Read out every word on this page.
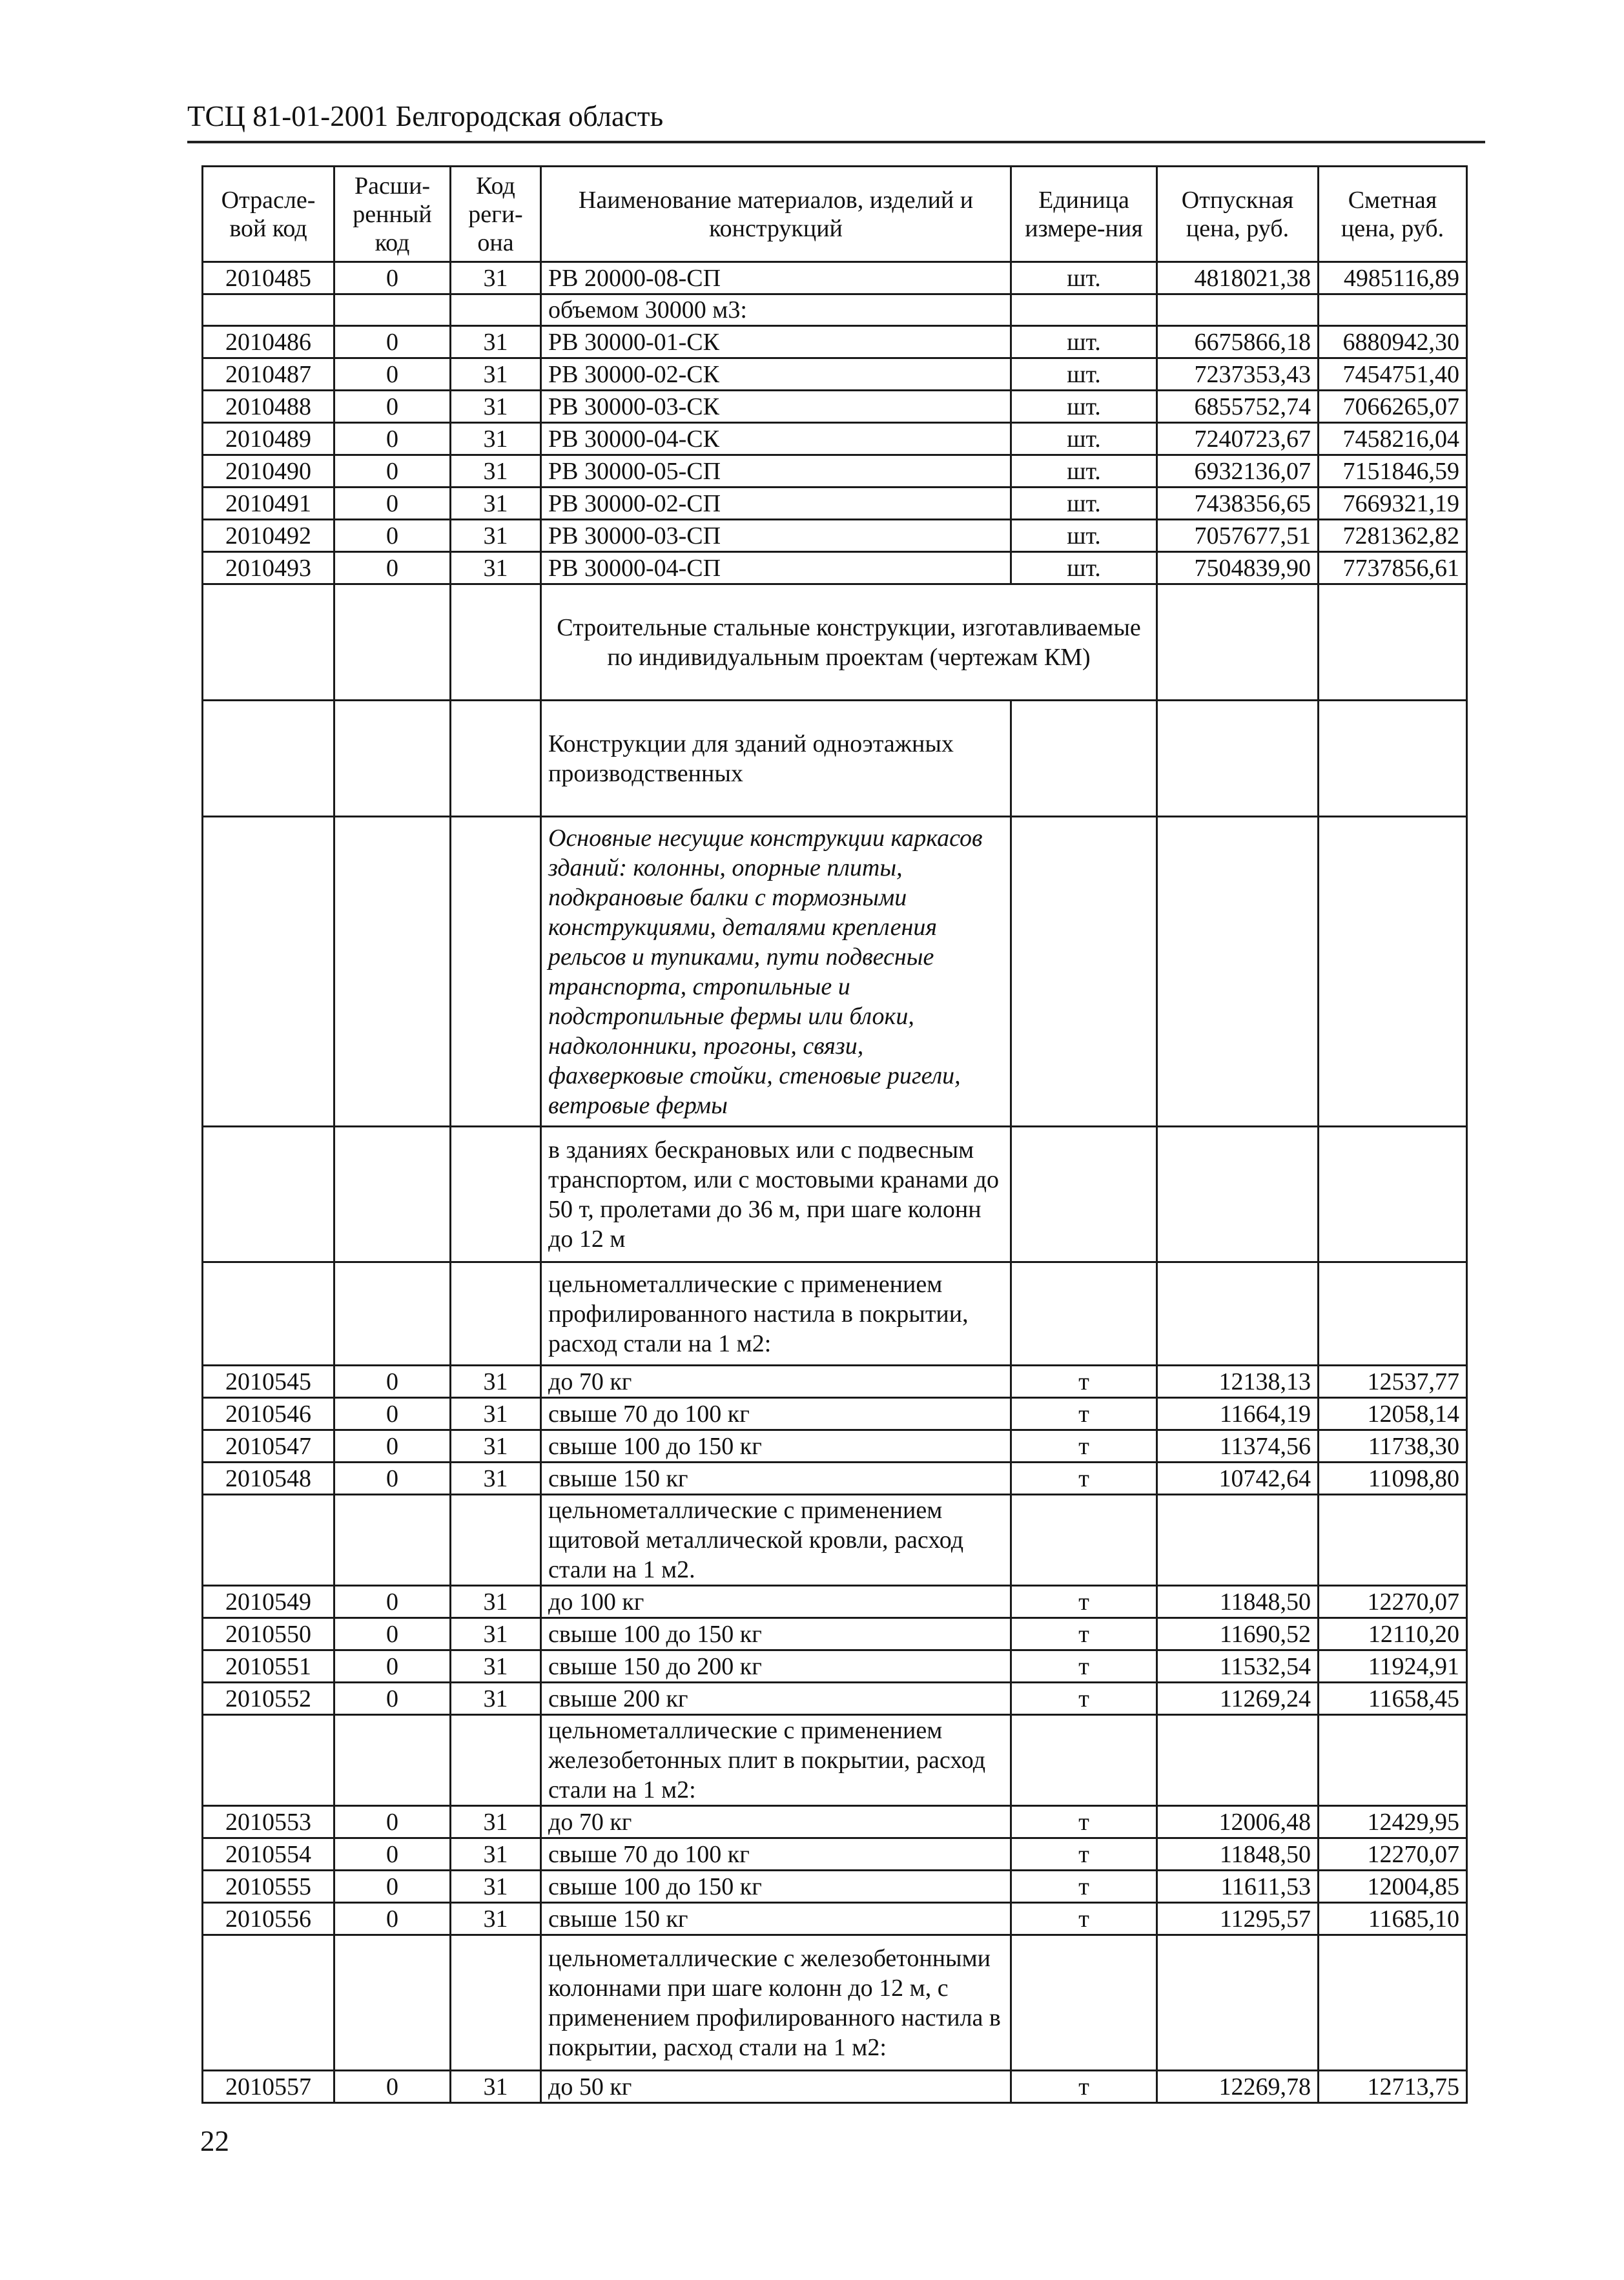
ТСЦ 81-01-2001 Белгородская область
Отрасле-вой код	Расши-ренный код	Код реги-она	Наименование материалов, изделий и конструкций	Единица измере-ния	Отпускная цена, руб.	Сметная цена, руб.
2010485	0	31	РВ 20000-08-СП	шт.	4818021,38	4985116,89
			объемом 30000 м3:			
2010486	0	31	РВ 30000-01-СК	шт.	6675866,18	6880942,30
2010487	0	31	РВ 30000-02-СК	шт.	7237353,43	7454751,40
2010488	0	31	РВ 30000-03-СК	шт.	6855752,74	7066265,07
2010489	0	31	РВ 30000-04-СК	шт.	7240723,67	7458216,04
2010490	0	31	РВ 30000-05-СП	шт.	6932136,07	7151846,59
2010491	0	31	РВ 30000-02-СП	шт.	7438356,65	7669321,19
2010492	0	31	РВ 30000-03-СП	шт.	7057677,51	7281362,82
2010493	0	31	РВ 30000-04-СП	шт.	7504839,90	7737856,61
			Строительные стальные конструкции, изготавливаемые по индивидуальным проектам (чертежам КМ)			
			Конструкции для зданий одноэтажных производственных			
			Основные несущие конструкции каркасов зданий: колонны, опорные плиты, подкрановые балки с тормозными конструкциями, деталями крепления рельсов и тупиками, пути подвесные транспорта, стропильные и подстропильные фермы или блоки, надколонники, прогоны, связи, фахверковые стойки, стеновые ригели, ветровые фермы			
			в зданиях бескрановых или с подвесным транспортом, или с мостовыми кранами до 50 т, пролетами до 36 м, при шаге колонн до 12 м			
			цельнометаллические с применением профилированного настила в покрытии, расход стали на 1 м2:			
2010545	0	31	до 70 кг	т	12138,13	12537,77
2010546	0	31	свыше 70 до 100 кг	т	11664,19	12058,14
2010547	0	31	свыше 100 до 150 кг	т	11374,56	11738,30
2010548	0	31	свыше 150 кг	т	10742,64	11098,80
			цельнометаллические с применением щитовой металлической кровли, расход стали на 1 м2.			
2010549	0	31	до 100 кг	т	11848,50	12270,07
2010550	0	31	свыше 100 до 150 кг	т	11690,52	12110,20
2010551	0	31	свыше 150 до 200 кг	т	11532,54	11924,91
2010552	0	31	свыше 200 кг	т	11269,24	11658,45
			цельнометаллические с применением железобетонных плит в покрытии, расход стали на 1 м2:			
2010553	0	31	до 70 кг	т	12006,48	12429,95
2010554	0	31	свыше 70 до 100 кг	т	11848,50	12270,07
2010555	0	31	свыше 100 до 150 кг	т	11611,53	12004,85
2010556	0	31	свыше 150 кг	т	11295,57	11685,10
			цельнометаллические с железобетонными колоннами при шаге колонн до 12 м, с применением профилированного настила в покрытии, расход стали на 1 м2:			
2010557	0	31	до 50 кг	т	12269,78	12713,75
22
